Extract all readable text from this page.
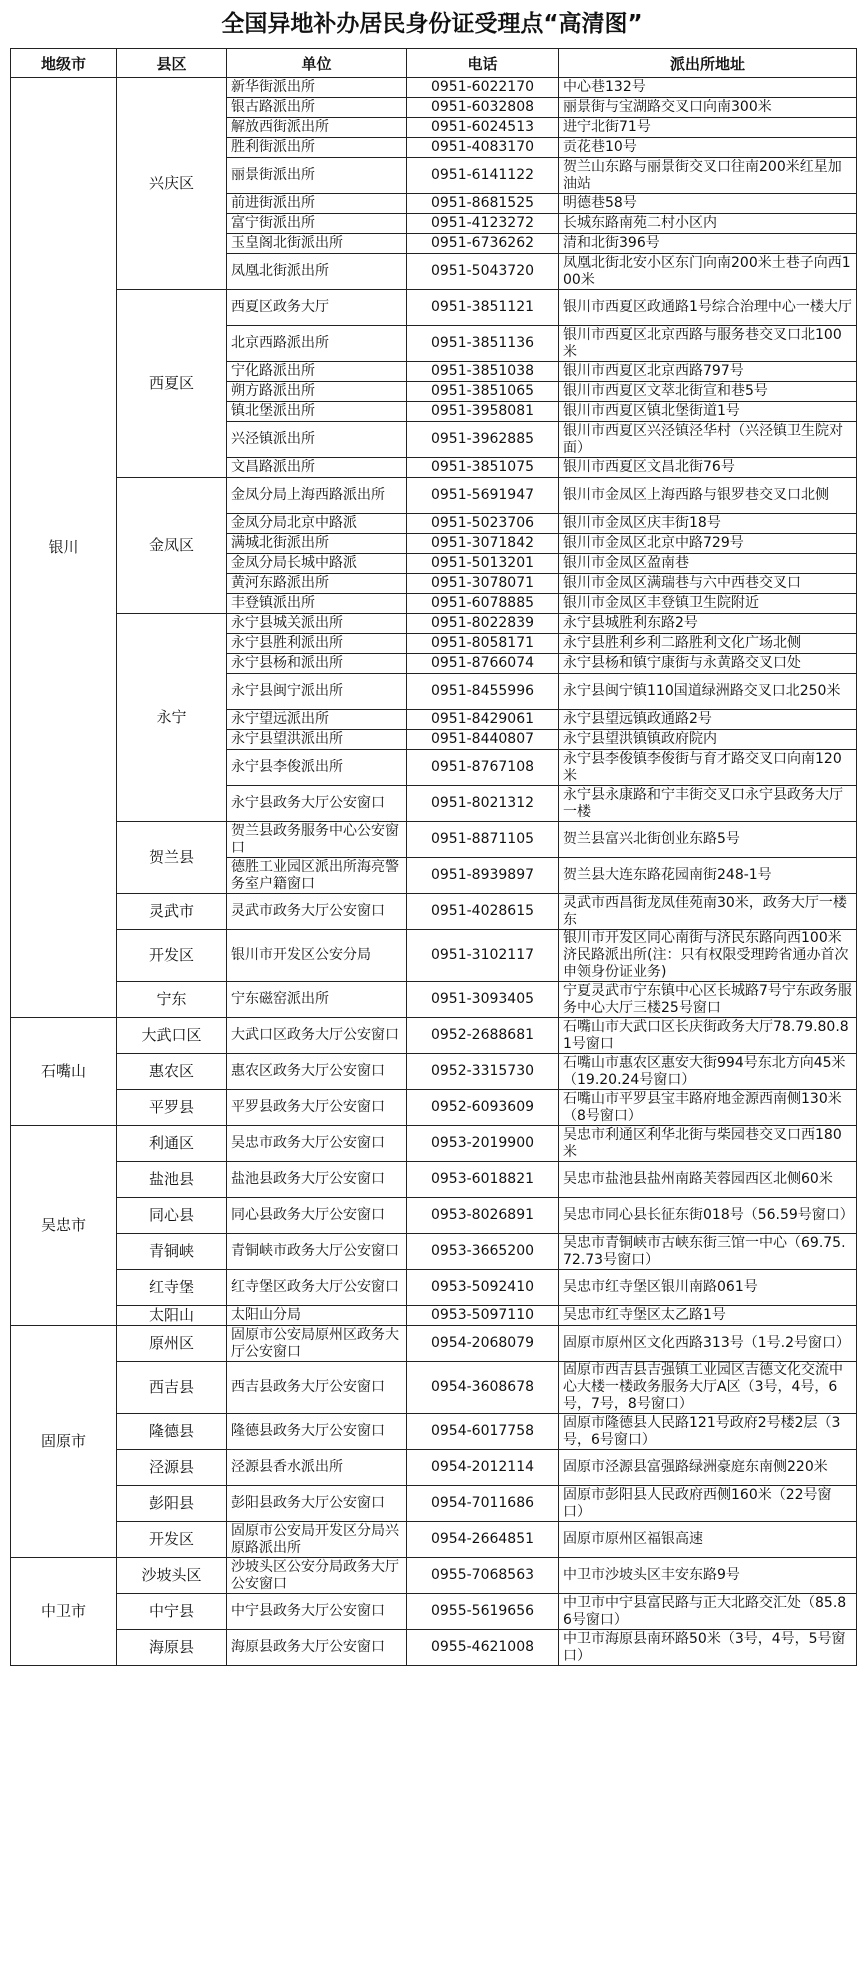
全国异地补办居民身份证受理点“高清图”
地级市	县区	单位	电话	派出所地址
银川	兴庆区	新华街派出所	0951-6022170	中心巷132号
		银古路派出所	0951-6032808	丽景街与宝湖路交叉口向南300米
		解放西街派出所	0951-6024513	进宁北街71号
		胜利街派出所	0951-4083170	贡花巷10号
		丽景街派出所	0951-6141122	贺兰山东路与丽景街交叉口往南200米红星加油站
		前进街派出所	0951-8681525	明德巷58号
		富宁街派出所	0951-4123272	长城东路南苑二村小区内
		玉皇阁北街派出所	0951-6736262	清和北街396号
		凤凰北街派出所	0951-5043720	凤凰北街北安小区东门向南200米土巷子向西100米
	西夏区	西夏区政务大厅	0951-3851121	银川市西夏区政通路1号综合治理中心一楼大厅
		北京西路派出所	0951-3851136	银川市西夏区北京西路与服务巷交叉口北100米
		宁化路派出所	0951-3851038	银川市西夏区北京西路797号
		朔方路派出所	0951-3851065	银川市西夏区文萃北街宣和巷5号
		镇北堡派出所	0951-3958081	银川市西夏区镇北堡街道1号
		兴泾镇派出所	0951-3962885	银川市西夏区兴泾镇泾华村（兴泾镇卫生院对面）
		文昌路派出所	0951-3851075	银川市西夏区文昌北街76号
	金凤区	金凤分局上海西路派出所	0951-5691947	银川市金凤区上海西路与银罗巷交叉口北侧
		金凤分局北京中路派	0951-5023706	银川市金凤区庆丰街18号
		满城北街派出所	0951-3071842	银川市金凤区北京中路729号
		金凤分局长城中路派	0951-5013201	银川市金凤区盈南巷
		黄河东路派出所	0951-3078071	银川市金凤区满瑞巷与六中西巷交叉口
		丰登镇派出所	0951-6078885	银川市金凤区丰登镇卫生院附近
	永宁	永宁县城关派出所	0951-8022839	永宁县城胜利东路2号
		永宁县胜利派出所	0951-8058171	永宁县胜利乡利二路胜利文化广场北侧
		永宁县杨和派出所	0951-8766074	永宁县杨和镇宁康街与永黄路交叉口处
		永宁县闽宁派出所	0951-8455996	永宁县闽宁镇110国道绿洲路交叉口北250米
		永宁望远派出所	0951-8429061	永宁县望远镇政通路2号
		永宁县望洪派出所	0951-8440807	永宁县望洪镇镇政府院内
		永宁县李俊派出所	0951-8767108	永宁县李俊镇李俊街与育才路交叉口向南120米
		永宁县政务大厅公安窗口	0951-8021312	永宁县永康路和宁丰街交叉口永宁县政务大厅一楼
	贺兰县	贺兰县政务服务中心公安窗口	0951-8871105	贺兰县富兴北街创业东路5号
		德胜工业园区派出所海亮警务室户籍窗口	0951-8939897	贺兰县大连东路花园南街248-1号
	灵武市	灵武市政务大厅公安窗口	0951-4028615	灵武市西昌街龙凤佳苑南30米，政务大厅一楼东
	开发区	银川市开发区公安分局	0951-3102117	银川市开发区同心南街与济民东路向西100米济民路派出所(注：只有权限受理跨省通办首次申领身份证业务)
	宁东	宁东磁窑派出所	0951-3093405	宁夏灵武市宁东镇中心区长城路7号宁东政务服务中心大厅三楼25号窗口
石嘴山	大武口区	大武口区政务大厅公安窗口	0952-2688681	石嘴山市大武口区长庆街政务大厅78.79.80.81号窗口
	惠农区	惠农区政务大厅公安窗口	0952-3315730	石嘴山市惠农区惠安大街994号东北方向45米（19.20.24号窗口）
	平罗县	平罗县政务大厅公安窗口	0952-6093609	石嘴山市平罗县宝丰路府地金源西南侧130米（8号窗口）
吴忠市	利通区	吴忠市政务大厅公安窗口	0953-2019900	吴忠市利通区利华北街与柴园巷交叉口西180米
	盐池县	盐池县政务大厅公安窗口	0953-6018821	吴忠市盐池县盐州南路芙蓉园西区北侧60米
	同心县	同心县政务大厅公安窗口	0953-8026891	吴忠市同心县长征东街018号（56.59号窗口）
	青铜峡	青铜峡市政务大厅公安窗口	0953-3665200	吴忠市青铜峡市古峡东街三馆一中心（69.75.72.73号窗口）
	红寺堡	红寺堡区政务大厅公安窗口	0953-5092410	吴忠市红寺堡区银川南路061号
	太阳山	太阳山分局	0953-5097110	吴忠市红寺堡区太乙路1号
固原市	原州区	固原市公安局原州区政务大厅公安窗口	0954-2068079	固原市原州区文化西路313号（1号.2号窗口）
	西吉县	西吉县政务大厅公安窗口	0954-3608678	固原市西吉县吉强镇工业园区吉德文化交流中心大楼一楼政务服务大厅A区（3号，4号，6号，7号，8号窗口）
	隆德县	隆德县政务大厅公安窗口	0954-6017758	固原市隆德县人民路121号政府2号楼2层（3号，6号窗口）
	泾源县	泾源县香水派出所	0954-2012114	固原市泾源县富强路绿洲豪庭东南侧220米
	彭阳县	彭阳县政务大厅公安窗口	0954-7011686	固原市彭阳县人民政府西侧160米（22号窗口）
	开发区	固原市公安局开发区分局兴原路派出所	0954-2664851	固原市原州区福银高速
中卫市	沙坡头区	沙坡头区公安分局政务大厅公安窗口	0955-7068563	中卫市沙坡头区丰安东路9号
	中宁县	中宁县政务大厅公安窗口	0955-5619656	中卫市中宁县富民路与正大北路交汇处（85.86号窗口）
	海原县	海原县政务大厅公安窗口	0955-4621008	中卫市海原县南环路50米（3号，4号，5号窗口）
